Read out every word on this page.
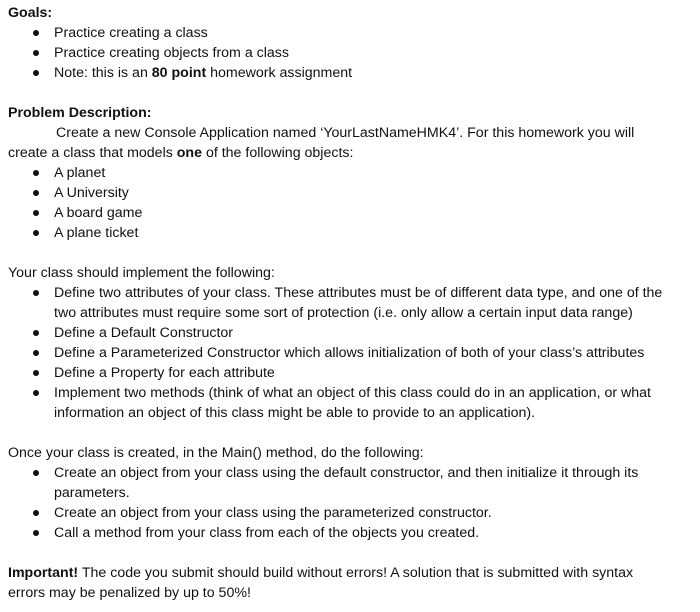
Goals:
Practice creating a class
Practice creating objects from a class
Note: this is an 80 point homework assignment
Problem Description:
Create a new Console Application named ‘YourLastNameHMK4’. For this homework you will
create a class that models one of the following objects:
A planet
A University
A board game
A plane ticket
Your class should implement the following:
Define two attributes of your class. These attributes must be of different data type, and one of the
two attributes must require some sort of protection (i.e. only allow a certain input data range)
Define a Default Constructor
Define a Parameterized Constructor which allows initialization of both of your class’s attributes
Define a Property for each attribute
Implement two methods (think of what an object of this class could do in an application, or what
information an object of this class might be able to provide to an application).
Once your class is created, in the Main() method, do the following:
Create an object from your class using the default constructor, and then initialize it through its
parameters.
Create an object from your class using the parameterized constructor.
Call a method from your class from each of the objects you created.
Important! The code you submit should build without errors! A solution that is submitted with syntax
errors may be penalized by up to 50%!
